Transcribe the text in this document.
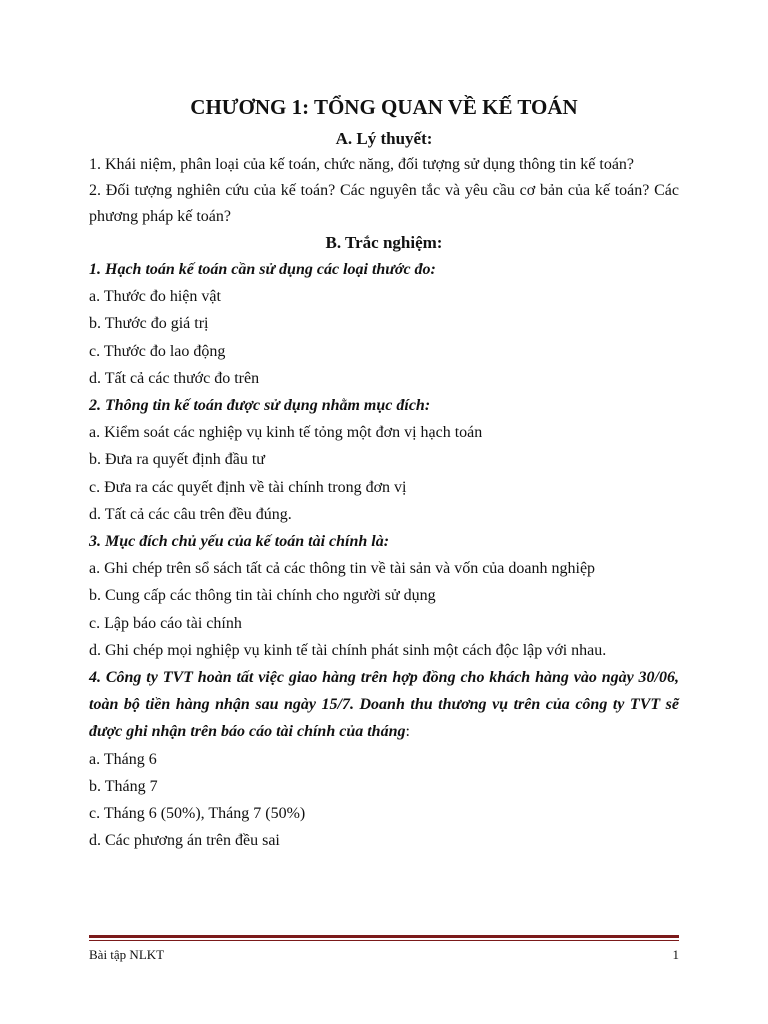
CHƯƠNG 1: TỔNG QUAN VỀ KẾ TOÁN
A. Lý thuyết:

1. Khái niệm, phân loại của kế toán, chức năng, đối tượng sử dụng thông tin kế toán?

2. Đối tượng nghiên cứu của kế toán? Các nguyên tắc và yêu cầu cơ bản của kế toán? Các phương pháp kế toán?

B. Trắc nghiệm:

1. Hạch toán kế toán cần sử dụng các loại thước đo:

a. Thước đo hiện vật

b. Thước đo giá trị

c. Thước đo lao động

d. Tất cả các thước đo trên

2. Thông tin kế toán được sử dụng nhằm mục đích:

a. Kiểm soát các nghiệp vụ kinh tế tỏng một đơn vị hạch toán

b. Đưa ra quyết định đầu tư

c. Đưa ra các quyết định về tài chính trong đơn vị

d. Tất cả các câu trên đều đúng.

3. Mục đích chủ yếu của kế toán tài chính là:

a. Ghi chép trên sổ sách tất cả các thông tin về tài sản và vốn của doanh nghiệp

b. Cung cấp các thông tin tài chính cho người sử dụng

c. Lập báo cáo tài chính

d. Ghi chép mọi nghiệp vụ kinh tế tài chính phát sinh một cách độc lập với nhau.

4. Công ty TVT hoàn tất việc giao hàng trên hợp đồng cho khách hàng vào ngày 30/06, toàn bộ tiền hàng nhận sau ngày 15/7. Doanh thu thương vụ trên của công ty TVT sẽ được ghi nhận trên báo cáo tài chính của tháng:

a. Tháng 6

b. Tháng 7

c. Tháng 6 (50%), Tháng 7 (50%)

d. Các phương án trên đều sai

Bài tập NLKT	1
